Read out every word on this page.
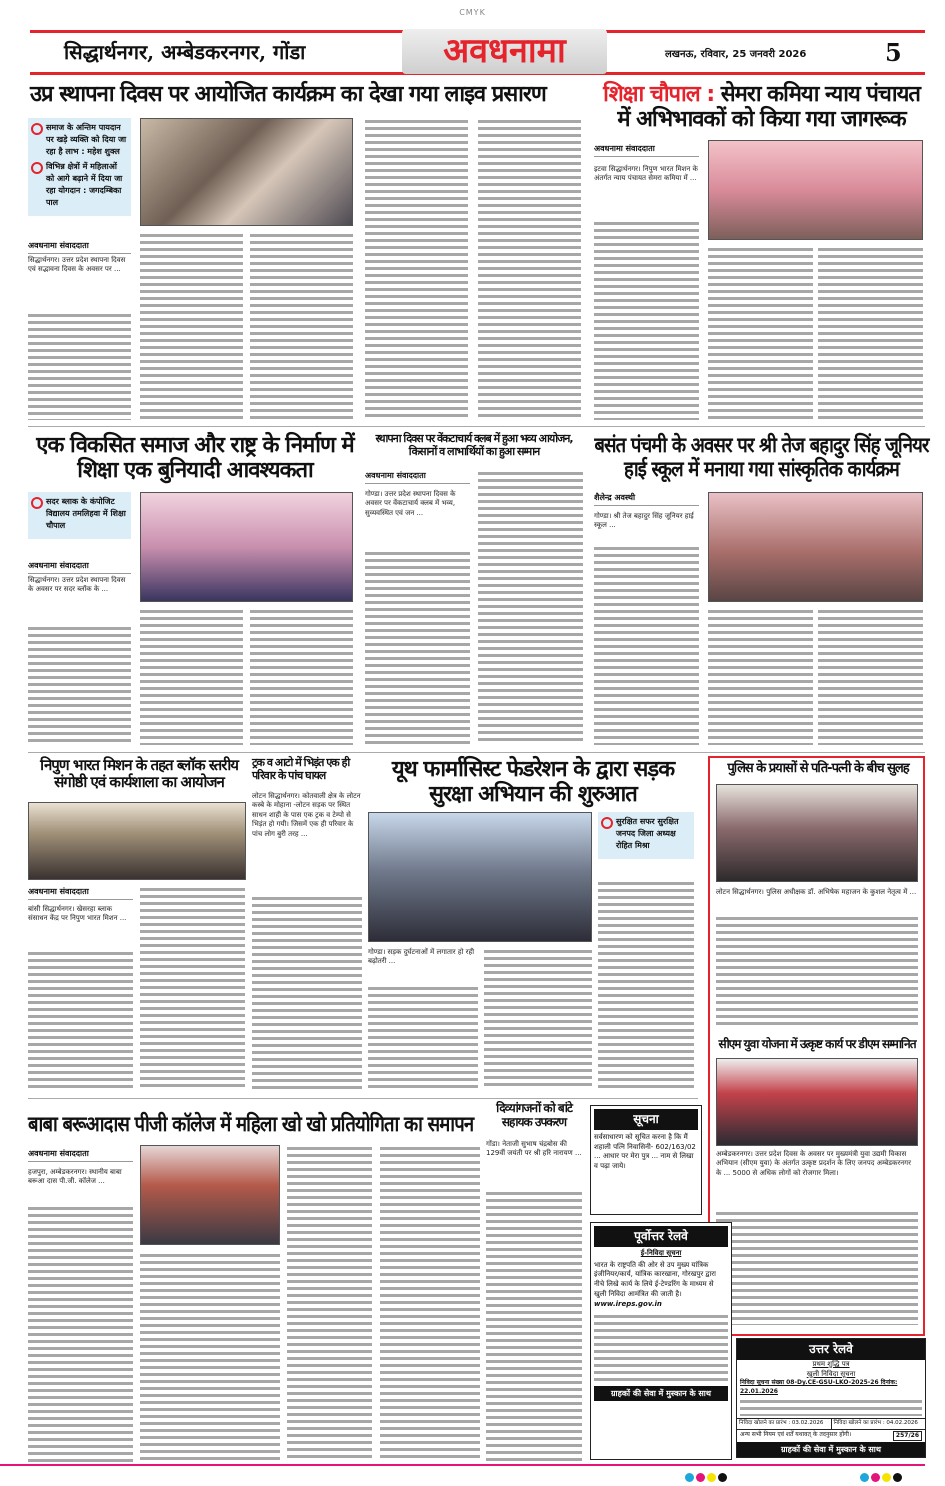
CMYK
सिद्धार्थनगर, अम्बेडकरनगर, गोंडा	अवधनामा	लखनऊ, रविवार, 25 जनवरी 2026	5
उप्र स्थापना दिवस पर आयोजित कार्यक्रम का देखा गया लाइव प्रसारण

समाज के अन्तिम पायदान पर खड़े व्यक्ति को दिया जा रहा है लाभ : महेश शुक्ल

विभिन्न क्षेत्रों में महिलाओं को आगे बढ़ाने में दिया जा रहा योगदान : जगदम्बिका पाल

अवधनामा संवाददाता
सिद्धार्थनगर। उत्तर प्रदेश स्थापना दिवस एवं सद्भावना दिवस के अवसर पर ...
शिक्षा चौपाल : सेमरा कमिया न्याय पंचायत में अभिभावकों को किया गया जागरूक
अवधनामा संवाददाता
इटवा सिद्धार्थनगर। निपुण भारत मिशन के अंतर्गत न्याय पंचायत सेमरा कमिया में ...
एक विकसित समाज और राष्ट्र के निर्माण में शिक्षा एक बुनियादी आवश्यकता

सदर ब्लाक के कंपोजिट विद्यालय तमलिहवा में शिक्षा चौपाल

अवधनामा संवाददाता
सिद्धार्थनगर। उत्तर प्रदेश स्थापना दिवस के अवसर पर सदर ब्लॉक के ...
स्थापना दिवस पर वेंकटाचार्य क्लब में हुआ भव्य आयोजन, किसानों व लाभार्थियों का हुआ सम्मान
अवधनामा संवाददाता
गोण्डा। उत्तर प्रदेश स्थापना दिवस के अवसर पर वेंकटाचार्य क्लब में भव्य, सुव्यवस्थित एवं जन ...
बसंत पंचमी के अवसर पर श्री तेज बहादुर सिंह जूनियर हाई स्कूल में मनाया गया सांस्कृतिक कार्यक्रम
शैलेन्द्र अवस्थी
गोण्डा। श्री तेज बहादुर सिंह जूनियर हाई स्कूल ...
निपुण भारत मिशन के तहत ब्लॉक स्तरीय संगोष्ठी एवं कार्यशाला का आयोजन
अवधनामा संवाददाता
बांसी सिद्धार्थनगर। खेसरहा ब्लाक संसाधन केंद्र पर निपुण भारत मिशन ...
ट्रक व आटो में भिड़ंत एक ही परिवार के पांच घायल
लोटन सिद्धार्थनगर। कोतवाली क्षेत्र के लोटन कस्बे के मोहाना -लोटन सड़क पर स्थित साधन शाही के पास एक ट्रक व टेम्पो से भिड़ंत हो गयी। जिसमें एक ही परिवार के पांच लोग बुरी तरह ...
यूथ फार्मासिस्ट फेडरेशन के द्वारा सड़क सुरक्षा अभियान की शुरुआत

सुरक्षित सफर सुरक्षित जनपद जिला अध्यक्ष रोहित मिश्रा

गोण्डा। सड़क दुर्घटनाओं में लगातार हो रही बढ़ोतरी ...
पुलिस के प्रयासों से पति-पत्नी के बीच सुलह
लोटन सिद्धार्थनगर। पुलिस अधीक्षक डॉ. अभिषेक महाजन के कुशल नेतृत्व में ...
सीएम युवा योजना में उत्कृष्ट कार्य पर डीएम सम्मानित
अम्बेडकरनगर। उत्तर प्रदेश दिवस के अवसर पर मुख्यमंत्री युवा उद्यमी विकास अभियान (सीएम युवा) के अंतर्गत उत्कृष्ट प्रदर्शन के लिए जनपद अम्बेडकरनगर के ... 5000 से अधिक लोगों को रोजगार मिला।
बाबा बरूआदास पीजी कॉलेज में महिला खो खो प्रतियोगिता का समापन
अवधनामा संवाददाता
हजपुरा, अम्बेडकरनगर। स्थानीय बाबा बरूआ दास पी.जी. कॉलेज ...
दिव्यांगजनों को बांटे सहायक उपकरण
गोंडा। नेताजी सुभाष चंद्रबोस की 129वीं जयंती पर श्री हरि नारायण ...
सूचना
सर्वसाधारण को सूचित करना है कि मैं शहाली पत्नि निवासिनी- 602/163/02 ... आधार पर मेरा पुत्र ... नाम से लिखा व पढ़ा जाये।
पूर्वोत्तर रेलवे
ई-निविदा सूचना
भारत के राष्ट्रपति की ओर से उप मुख्य यांत्रिक इंजीनियर/कार्य, यांत्रिक कारखाना, गोरखपुर द्वारा नीचे लिखे कार्य के लिये ई-टेण्डरिंग के माध्यम से खुली निविदा आमंत्रित की जाती है।
www.ireps.gov.in
ग्राहकों की सेवा में मुस्कान के साथ
उत्तर रेलवे
प्रथम शुद्धि पत्र
खुली निविदा सूचना
निविदा सूचना संख्या 08-Dy.CE-GSU-LKO-2025-26 दिनांक: 22.01.2026
निविदा खोलने का प्रारंभ : 03.02.2026	निविदा खोलने का प्रारंभ : 04.02.2026
अन्य सभी नियम एवं शर्तें यथावत् के तदनुसार होंगी।	257/26
ग्राहकों की सेवा में मुस्कान के साथ
